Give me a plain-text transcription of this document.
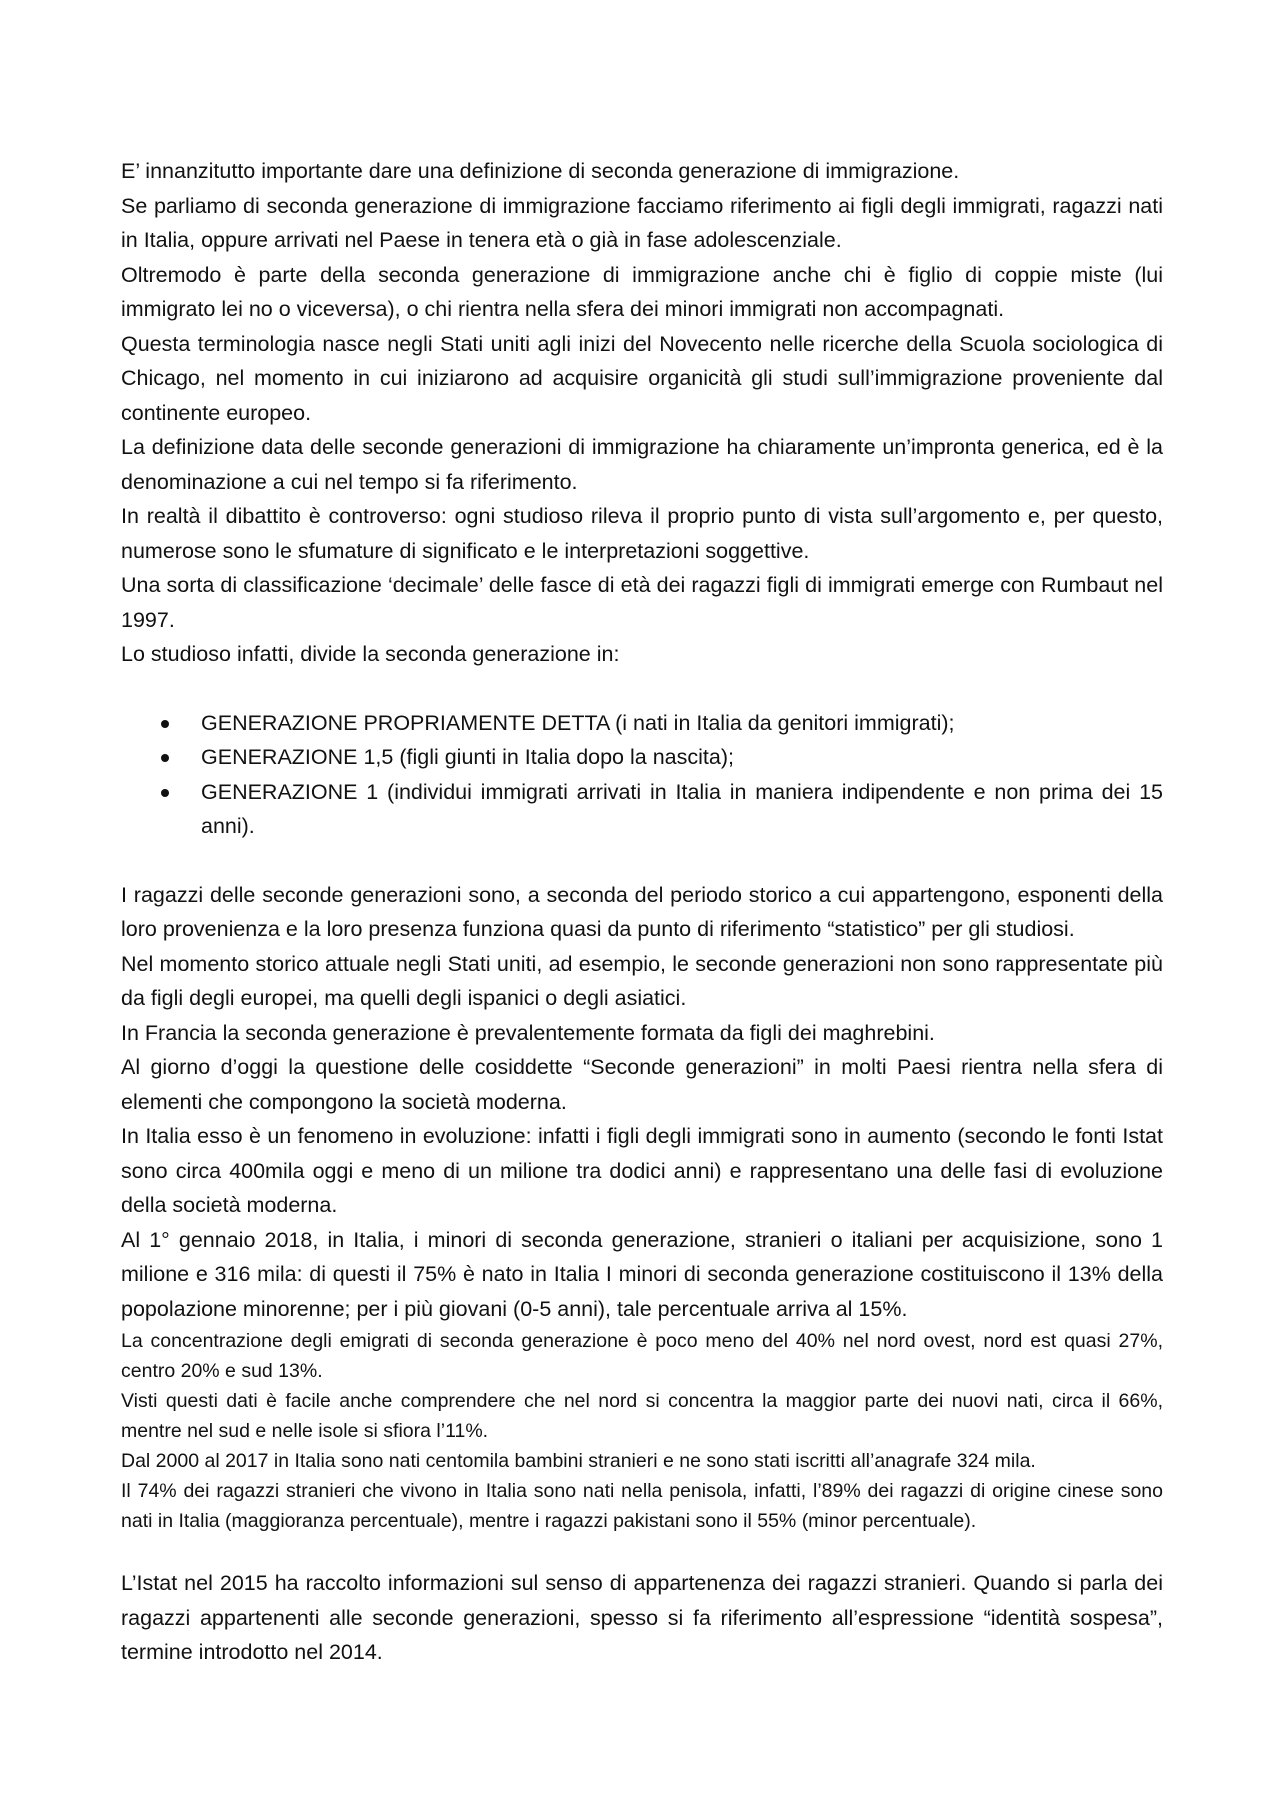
E’ innanzitutto importante dare una definizione di seconda generazione di immigrazione.

Se parliamo di seconda generazione di immigrazione facciamo riferimento ai figli degli immigrati, ragazzi nati in Italia, oppure arrivati nel Paese in tenera età o già in fase adolescenziale.

Oltremodo è parte della seconda generazione di immigrazione anche chi è figlio di coppie miste (lui immigrato lei no o viceversa), o chi rientra nella sfera dei minori immigrati non accompagnati.

Questa terminologia nasce negli Stati uniti agli inizi del Novecento nelle ricerche della Scuola sociologica di Chicago, nel momento in cui iniziarono ad acquisire organicità gli studi sull’immigrazione proveniente dal continente europeo.

La definizione data delle seconde generazioni di immigrazione ha chiaramente un’impronta generica, ed è la denominazione a cui nel tempo si fa riferimento.

In realtà il dibattito è controverso: ogni studioso rileva il proprio punto di vista sull’argomento e, per questo, numerose sono le sfumature di significato e le interpretazioni soggettive.

Una sorta di classificazione ‘decimale’ delle fasce di età dei ragazzi figli di immigrati emerge con Rumbaut nel 1997.

Lo studioso infatti, divide la seconda generazione in:

GENERAZIONE PROPRIAMENTE DETTA (i nati in Italia da genitori immigrati);
GENERAZIONE 1,5 (figli giunti in Italia dopo la nascita);
GENERAZIONE 1 (individui immigrati arrivati in Italia in maniera indipendente e non prima dei 15 anni).

I ragazzi delle seconde generazioni sono, a seconda del periodo storico a cui appartengono, esponenti della loro provenienza e la loro presenza funziona quasi da punto di riferimento “statistico” per gli studiosi.

Nel momento storico attuale negli Stati uniti, ad esempio, le seconde generazioni non sono rappresentate più da figli degli europei, ma quelli degli ispanici o degli asiatici.

In Francia la seconda generazione è prevalentemente formata da figli dei maghrebini.

Al giorno d’oggi la questione delle cosiddette “Seconde generazioni” in molti Paesi rientra nella sfera di elementi che compongono la società moderna.

In Italia esso è un fenomeno in evoluzione: infatti i figli degli immigrati sono in aumento (secondo le fonti Istat sono circa 400mila oggi e meno di un milione tra dodici anni) e rappresentano una delle fasi di evoluzione della società moderna.

Al 1° gennaio 2018, in Italia, i minori di seconda generazione, stranieri o italiani per acquisizione, sono 1 milione e 316 mila: di questi il 75% è nato in Italia I minori di seconda generazione costituiscono il 13% della popolazione minorenne; per i più giovani (0-5 anni), tale percentuale arriva al 15%.

La concentrazione degli emigrati di seconda generazione è poco meno del 40% nel nord ovest, nord est quasi 27%, centro 20% e sud 13%.

Visti questi dati è facile anche comprendere che nel nord si concentra la maggior parte dei nuovi nati, circa il 66%, mentre nel sud e nelle isole si sfiora l’11%.

Dal 2000 al 2017 in Italia sono nati centomila bambini stranieri e ne sono stati iscritti all’anagrafe 324 mila.

Il 74% dei ragazzi stranieri che vivono in Italia sono nati nella penisola, infatti, l’89% dei ragazzi di origine cinese sono nati in Italia (maggioranza percentuale), mentre i ragazzi pakistani sono il 55% (minor percentuale).

L’Istat nel 2015 ha raccolto informazioni sul senso di appartenenza dei ragazzi stranieri. Quando si parla dei ragazzi appartenenti alle seconde generazioni, spesso si fa riferimento all’espressione “identità sospesa”, termine introdotto nel 2014.
